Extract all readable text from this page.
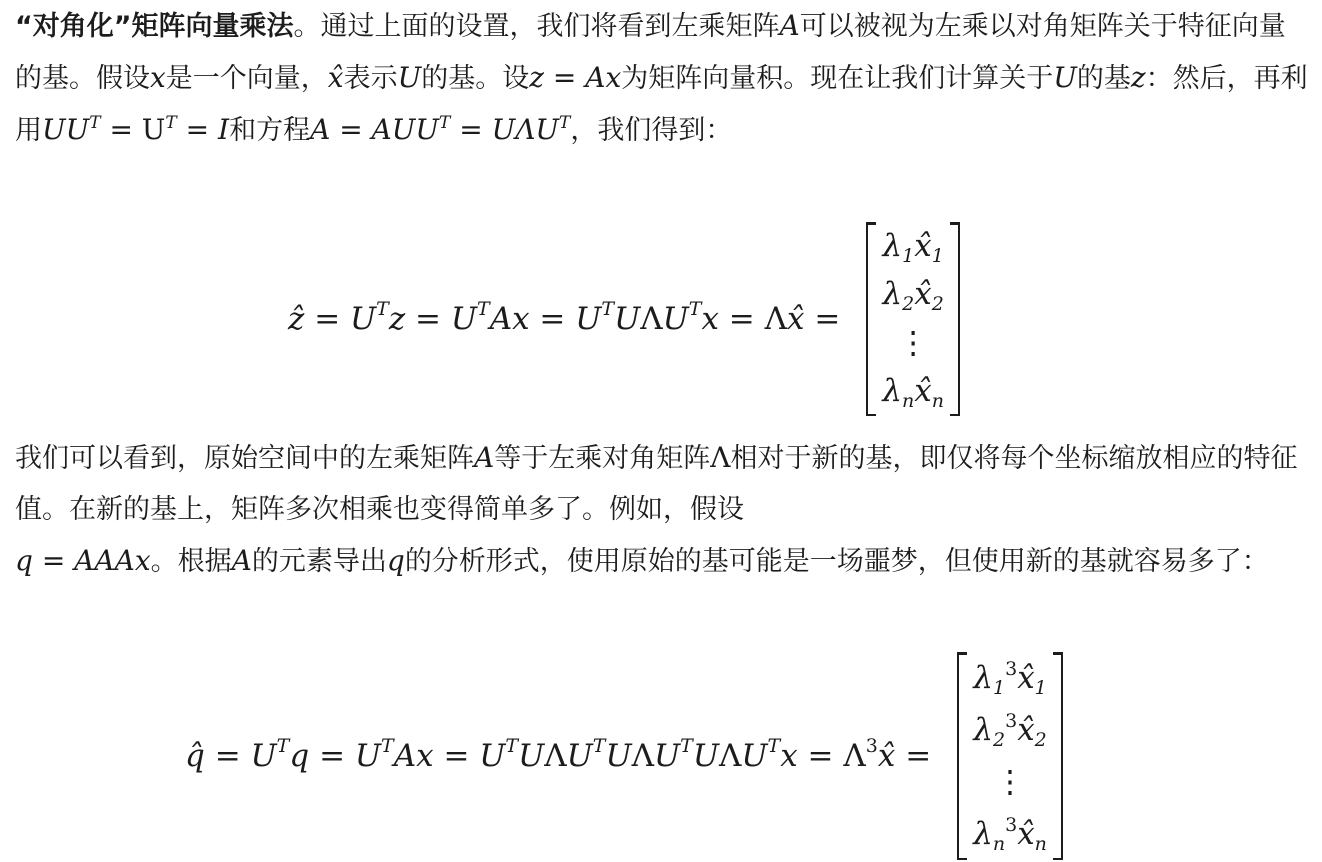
“对角化”矩阵向量乘法。通过上面的设置，我们将看到左乘矩阵A可以被视为左乘以对角矩阵关于特征向量的基。假设x是一个向量，x̂表示U的基。设z = Ax为矩阵向量积。现在让我们计算关于U的基z：然后，再利用$UU^T = U^T = I$和方程$A = AUU^T = U\Lambda U^T$，我们得到：
ẑ = $U^Tz = U^TAx = U^TU\Lambda U^Tx$ = Λx̂ =
$\lambda_1x̂_1$
$\lambda_2x̂_2$
⋮
$\lambda_nx̂_n$
我们可以看到，原始空间中的左乘矩阵A等于左乘对角矩阵Λ相对于新的基，即仅将每个坐标缩放相应的特征值。在新的基上，矩阵多次相乘也变得简单多了。例如，假设
q = AAAx。根据A的元素导出q的分析形式，使用原始的基可能是一场噩梦，但使用新的基就容易多了：
q̂ = $U^Tq = U^TAx = U^TU\Lambda U^TU\Lambda U^TU\Lambda U^Tx$ = $\Lambda^3x̂$ =
$\lambda_1^3x̂_1$
$\lambda_2^3x̂_2$
⋮
$\lambda_n^3x̂_n$
